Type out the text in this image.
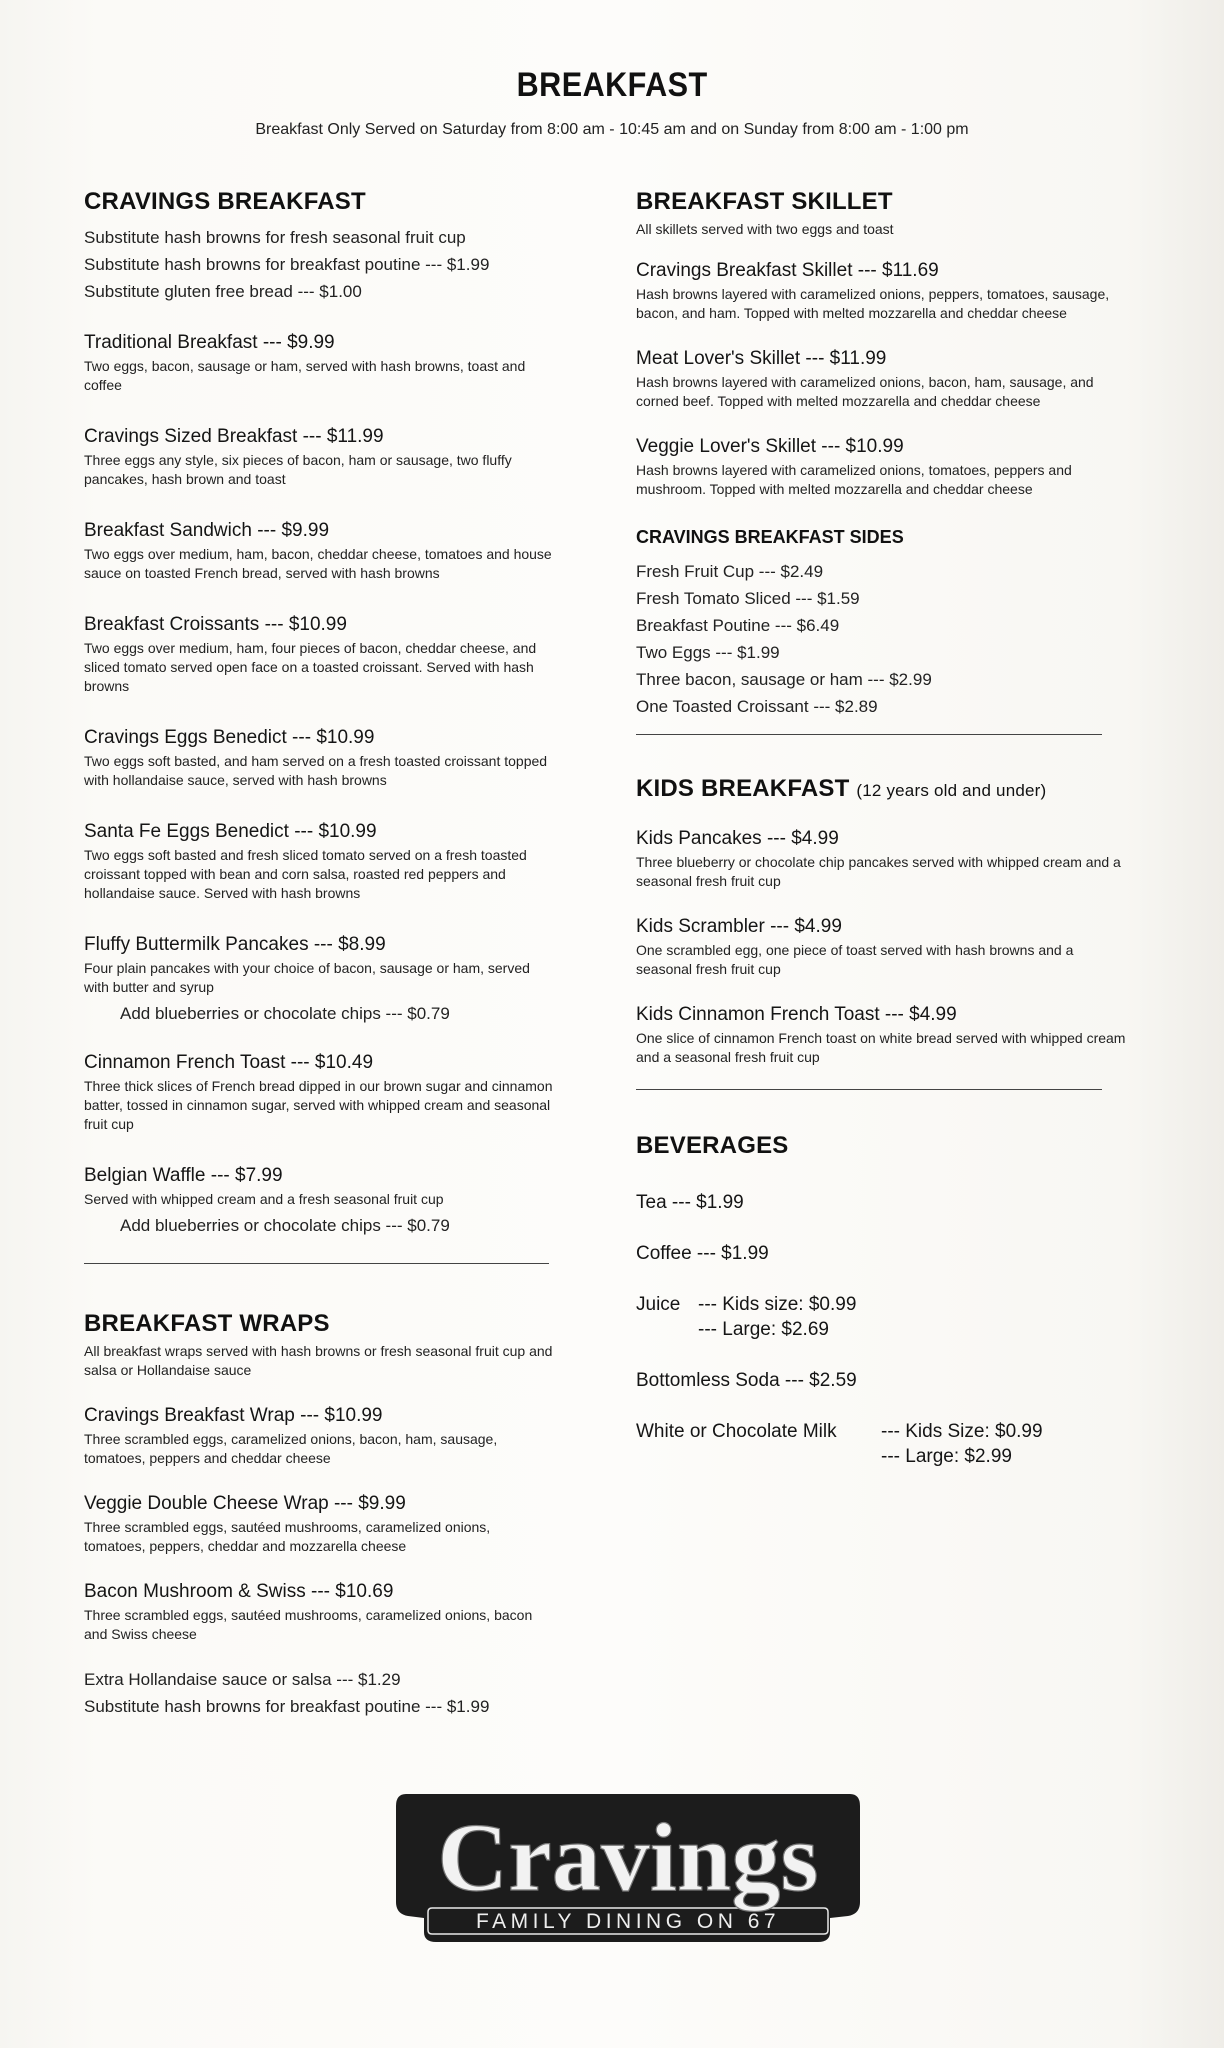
BREAKFAST
Breakfast Only Served on Saturday from 8:00 am - 10:45 am and on Sunday from 8:00 am - 1:00 pm
CRAVINGS BREAKFAST
Substitute hash browns for fresh seasonal fruit cup
Substitute hash browns for breakfast poutine --- $1.99
Substitute gluten free bread --- $1.00
Traditional Breakfast --- $9.99
Two eggs, bacon, sausage or ham, served with hash browns, toast and coffee
Cravings Sized Breakfast --- $11.99
Three eggs any style, six pieces of bacon, ham or sausage, two fluffy pancakes, hash brown and toast
Breakfast Sandwich --- $9.99
Two eggs over medium, ham, bacon, cheddar cheese, tomatoes and house sauce on toasted French bread, served with hash browns
Breakfast Croissants --- $10.99
Two eggs over medium, ham, four pieces of bacon, cheddar cheese, and sliced tomato served open face on a toasted croissant. Served with hash browns
Cravings Eggs Benedict --- $10.99
Two eggs soft basted, and ham served on a fresh toasted croissant topped with hollandaise sauce, served with hash browns
Santa Fe Eggs Benedict --- $10.99
Two eggs soft basted and fresh sliced tomato served on a fresh toasted croissant topped with bean and corn salsa, roasted red peppers and hollandaise sauce. Served with hash browns
Fluffy Buttermilk Pancakes --- $8.99
Four plain pancakes with your choice of bacon, sausage or ham, served with butter and syrup
Add blueberries or chocolate chips --- $0.79
Cinnamon French Toast --- $10.49
Three thick slices of French bread dipped in our brown sugar and cinnamon batter, tossed in cinnamon sugar, served with whipped cream and seasonal fruit cup
Belgian Waffle --- $7.99
Served with whipped cream and a fresh seasonal fruit cup
Add blueberries or chocolate chips --- $0.79
BREAKFAST WRAPS
All breakfast wraps served with hash browns or fresh seasonal fruit cup and salsa or Hollandaise sauce
Cravings Breakfast Wrap --- $10.99
Three scrambled eggs, caramelized onions, bacon, ham, sausage, tomatoes, peppers and cheddar cheese
Veggie Double Cheese Wrap --- $9.99
Three scrambled eggs, sautéed mushrooms, caramelized onions, tomatoes, peppers, cheddar and mozzarella cheese
Bacon Mushroom & Swiss --- $10.69
Three scrambled eggs, sautéed mushrooms, caramelized onions, bacon and Swiss cheese
Extra Hollandaise sauce or salsa --- $1.29
Substitute hash browns for breakfast poutine --- $1.99
BREAKFAST SKILLET
All skillets served with two eggs and toast
Cravings Breakfast Skillet --- $11.69
Hash browns layered with caramelized onions, peppers, tomatoes, sausage, bacon, and ham. Topped with melted mozzarella and cheddar cheese
Meat Lover's Skillet --- $11.99
Hash browns layered with caramelized onions, bacon, ham, sausage, and corned beef. Topped with melted mozzarella and cheddar cheese
Veggie Lover's Skillet --- $10.99
Hash browns layered with caramelized onions, tomatoes, peppers and mushroom. Topped with melted mozzarella and cheddar cheese
CRAVINGS BREAKFAST SIDES
Fresh Fruit Cup --- $2.49
Fresh Tomato Sliced --- $1.59
Breakfast Poutine --- $6.49
Two Eggs --- $1.99
Three bacon, sausage or ham --- $2.99
One Toasted Croissant --- $2.89
KIDS BREAKFAST (12 years old and under)
Kids Pancakes --- $4.99
Three blueberry or chocolate chip pancakes served with whipped cream and a seasonal fresh fruit cup
Kids Scrambler --- $4.99
One scrambled egg, one piece of toast served with hash browns and a seasonal fresh fruit cup
Kids Cinnamon French Toast --- $4.99
One slice of cinnamon French toast on white bread served with whipped cream and a seasonal fresh fruit cup
BEVERAGES
Tea --- $1.99
Coffee --- $1.99
Juice --- Kids size: $0.99
--- Large: $2.69
Bottomless Soda --- $2.59
White or Chocolate Milk	--- Kids Size: $0.99
--- Large: $2.99
Cravings
FAMILY DINING ON 67
